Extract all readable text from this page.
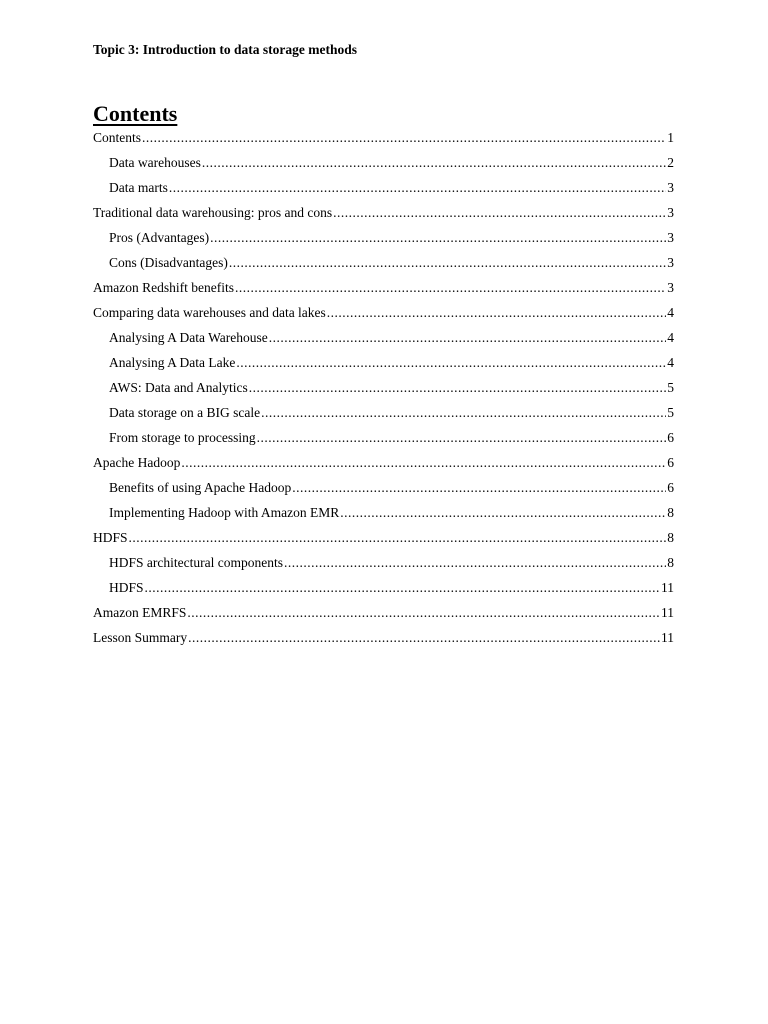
Topic 3: Introduction to data storage methods
Contents
Contents .....	1
Data warehouses .....	2
Data marts .....	3
Traditional data warehousing: pros and cons .....	3
Pros (Advantages) .....	3
Cons (Disadvantages) .....	3
Amazon Redshift benefits .....	3
Comparing data warehouses and data lakes .....	4
Analysing A Data Warehouse .....	4
Analysing A Data Lake .....	4
AWS: Data and Analytics .....	5
Data storage on a BIG scale .....	5
From storage to processing .....	6
Apache Hadoop .....	6
Benefits of using Apache Hadoop .....	6
Implementing Hadoop with Amazon EMR .....	8
HDFS .....	8
HDFS architectural components .....	8
HDFS .....	11
Amazon EMRFS .....	11
Lesson Summary .....	11
